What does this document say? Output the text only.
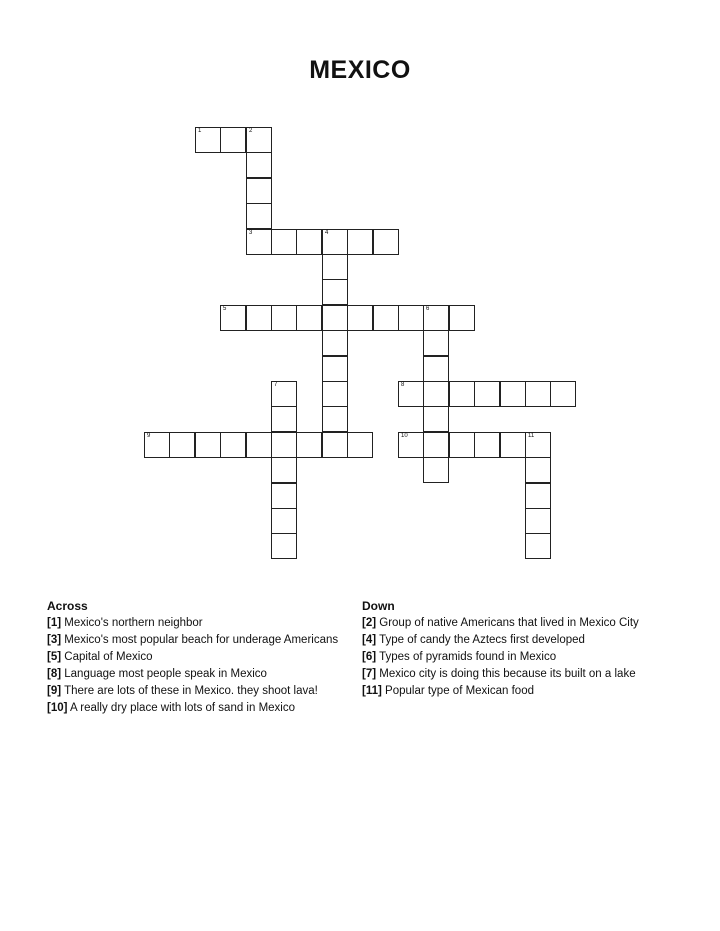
MEXICO
1	2
3	4
5	6
7	8
9	10	11
Across

[1] Mexico's northern neighbor

[3] Mexico's most popular beach for underage Americans

[5] Capital of Mexico

[8] Language most people speak in Mexico

[9] There are lots of these in Mexico. they shoot lava!

[10] A really dry place with lots of sand in Mexico

Down

[2] Group of native Americans that lived in Mexico City

[4] Type of candy the Aztecs first developed

[6] Types of pyramids found in Mexico

[7] Mexico city is doing this because its built on a lake

[11] Popular type of Mexican food
